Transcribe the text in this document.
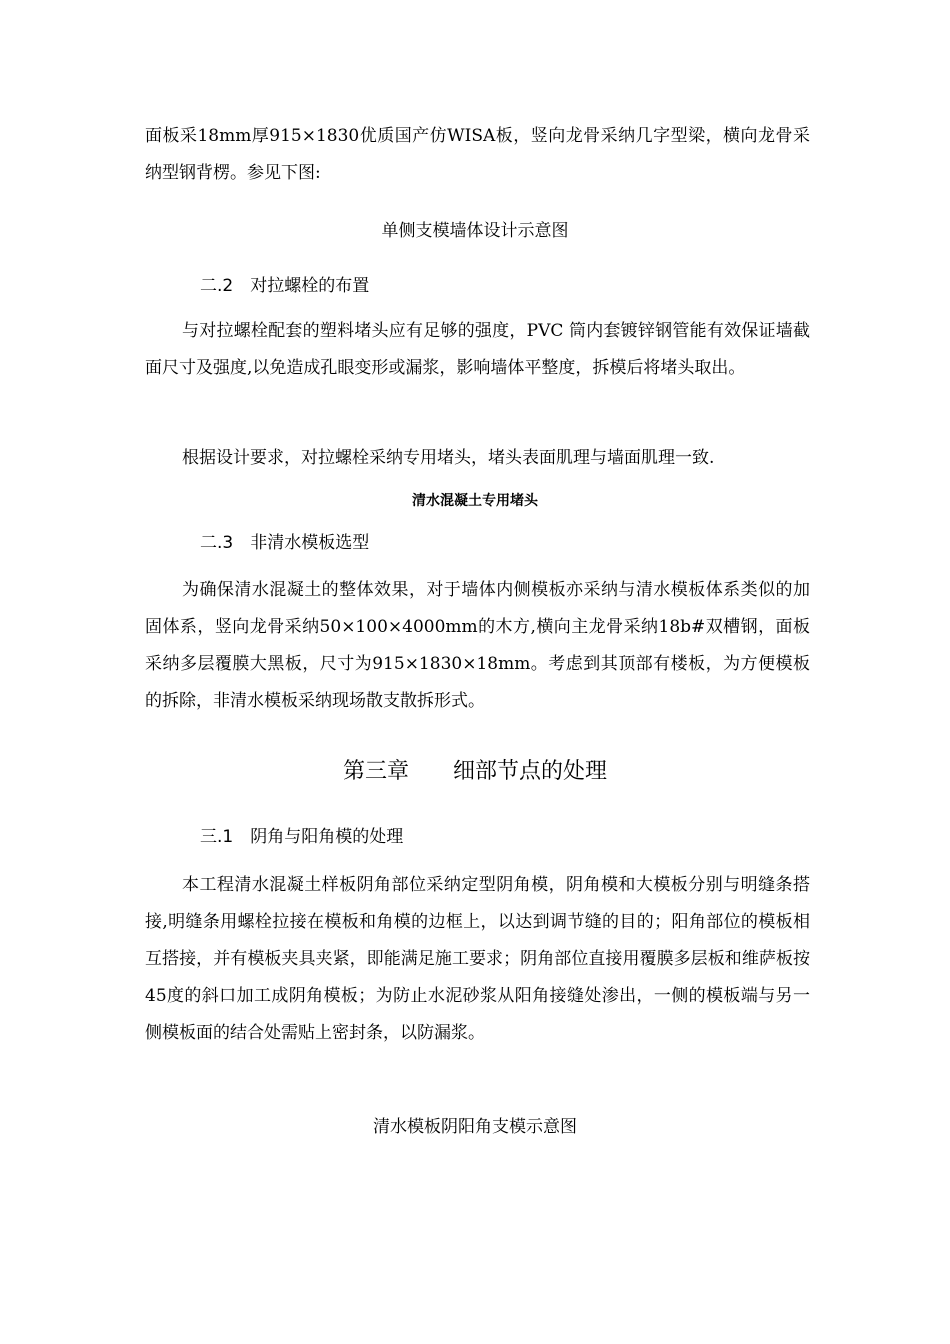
面板采18mm厚915×1830优质国产仿WISA板，竖向龙骨采纳几字型梁，横向龙骨采纳型钢背楞。参见下图:

单侧支模墙体设计示意图

二.2　对拉螺栓的布置

与对拉螺栓配套的塑料堵头应有足够的强度，PVC 筒内套镀锌钢管能有效保证墙截面尺寸及强度,以免造成孔眼变形或漏浆，影响墙体平整度，拆模后将堵头取出。

根据设计要求，对拉螺栓采纳专用堵头，堵头表面肌理与墙面肌理一致.

清水混凝土专用堵头

二.3　非清水模板选型

为确保清水混凝土的整体效果，对于墙体内侧模板亦采纳与清水模板体系类似的加固体系，竖向龙骨采纳50×100×4000mm的木方,横向主龙骨采纳18b#双槽钢，面板采纳多层覆膜大黑板，尺寸为915×1830×18mm。考虑到其顶部有楼板，为方便模板的拆除，非清水模板采纳现场散支散拆形式。

第三章　　细部节点的处理

三.1　阴角与阳角模的处理

本工程清水混凝土样板阴角部位采纳定型阴角模，阴角模和大模板分别与明缝条搭接,明缝条用螺栓拉接在模板和角模的边框上，以达到调节缝的目的；阳角部位的模板相互搭接，并有模板夹具夹紧，即能满足施工要求；阴角部位直接用覆膜多层板和维萨板按45度的斜口加工成阴角模板；为防止水泥砂浆从阳角接缝处渗出，一侧的模板端与另一侧模板面的结合处需贴上密封条，以防漏浆。

清水模板阴阳角支模示意图
